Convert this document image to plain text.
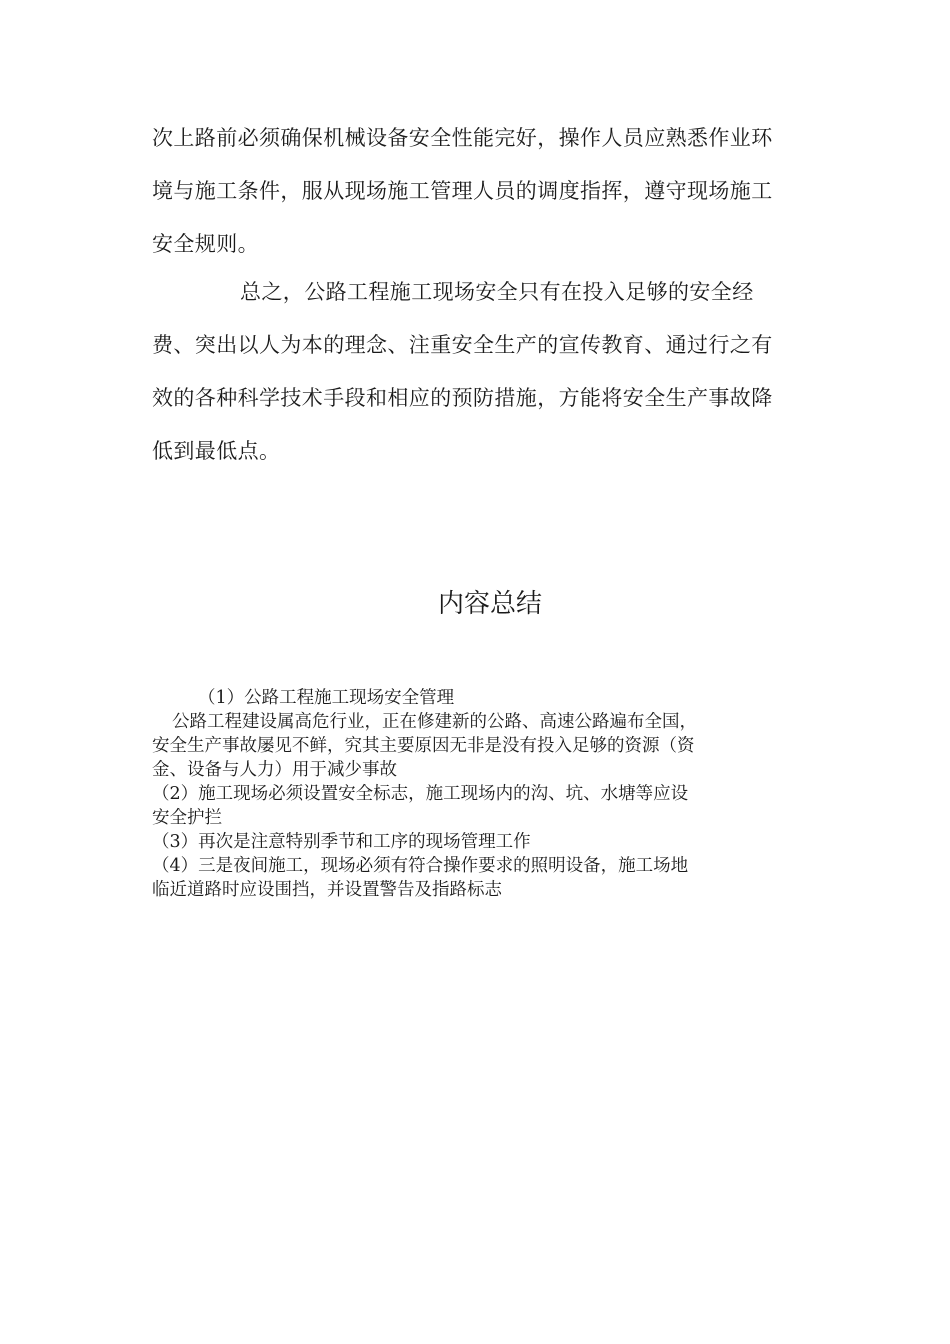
次上路前必须确保机械设备安全性能完好，操作人员应熟悉作业环
境与施工条件，服从现场施工管理人员的调度指挥，遵守现场施工
安全规则。
总之，公路工程施工现场安全只有在投入足够的安全经
费、突出以人为本的理念、注重安全生产的宣传教育、通过行之有
效的各种科学技术手段和相应的预防措施，方能将安全生产事故降
低到最低点。
内容总结
（1）公路工程施工现场安全管理
公路工程建设属高危行业，正在修建新的公路、高速公路遍布全国，
安全生产事故屡见不鲜，究其主要原因无非是没有投入足够的资源（资
金、设备与人力）用于减少事故
（2）施工现场必须设置安全标志，施工现场内的沟、坑、水塘等应设
安全护拦
（3）再次是注意特别季节和工序的现场管理工作
（4）三是夜间施工，现场必须有符合操作要求的照明设备，施工场地
临近道路时应设围挡，并设置警告及指路标志
